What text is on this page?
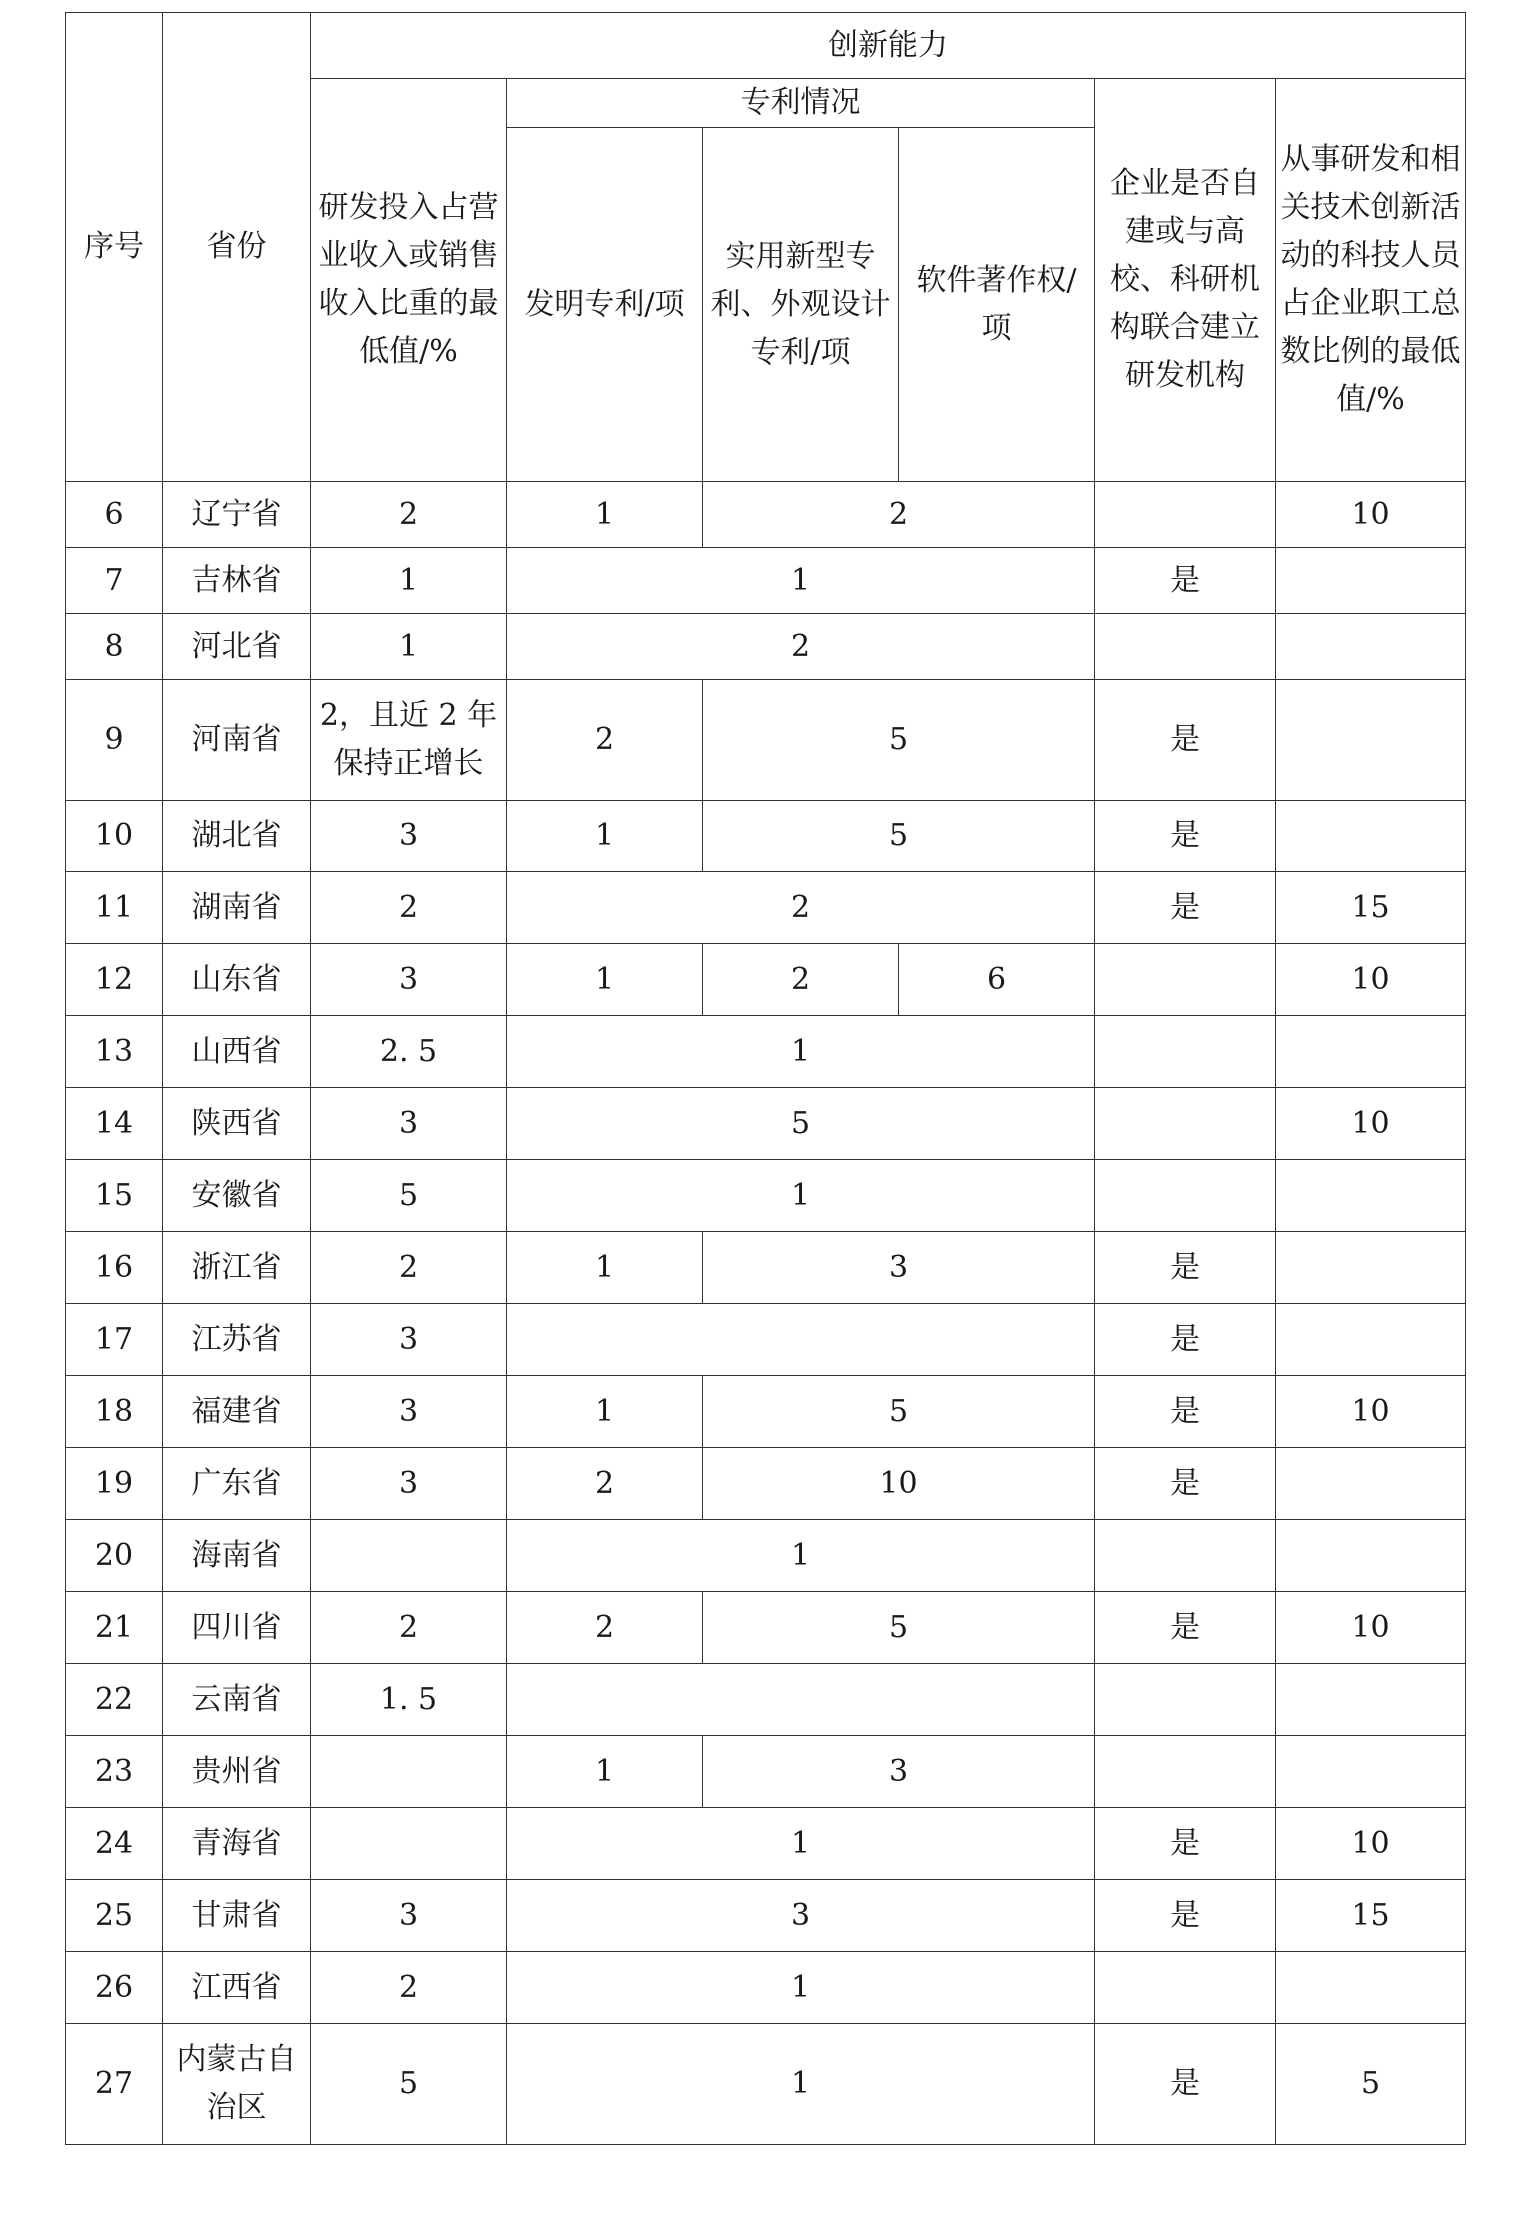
序号	省份	创新能力					
		研发投入占营业收入或销售收入比重的最低值/%	专利情况			企业是否自建或与高校、科研机构联合建立研发机构	从事研发和相关技术创新活动的科技人员占企业职工总数比例的最低值/%
			发明专利/项	实用新型专利、外观设计专利/项	软件著作权/项		
6	辽宁省	2	1	2			10
7	吉林省	1	1			是	
8	河北省	1	2				
9	河南省	2，且近 2 年保持正增长	2	5		是	
10	湖北省	3	1	5		是	
11	湖南省	2	2			是	15
12	山东省	3	1	2	6		10
13	山西省	2. 5	1				
14	陕西省	3	5				10
15	安徽省	5	1				
16	浙江省	2	1	3		是	
17	江苏省	3				是	
18	福建省	3	1	5		是	10
19	广东省	3	2	10		是	
20	海南省		1				
21	四川省	2	2	5		是	10
22	云南省	1. 5					
23	贵州省		1	3			
24	青海省		1			是	10
25	甘肃省	3	3			是	15
26	江西省	2	1				
27	内蒙古自治区	5	1			是	5
